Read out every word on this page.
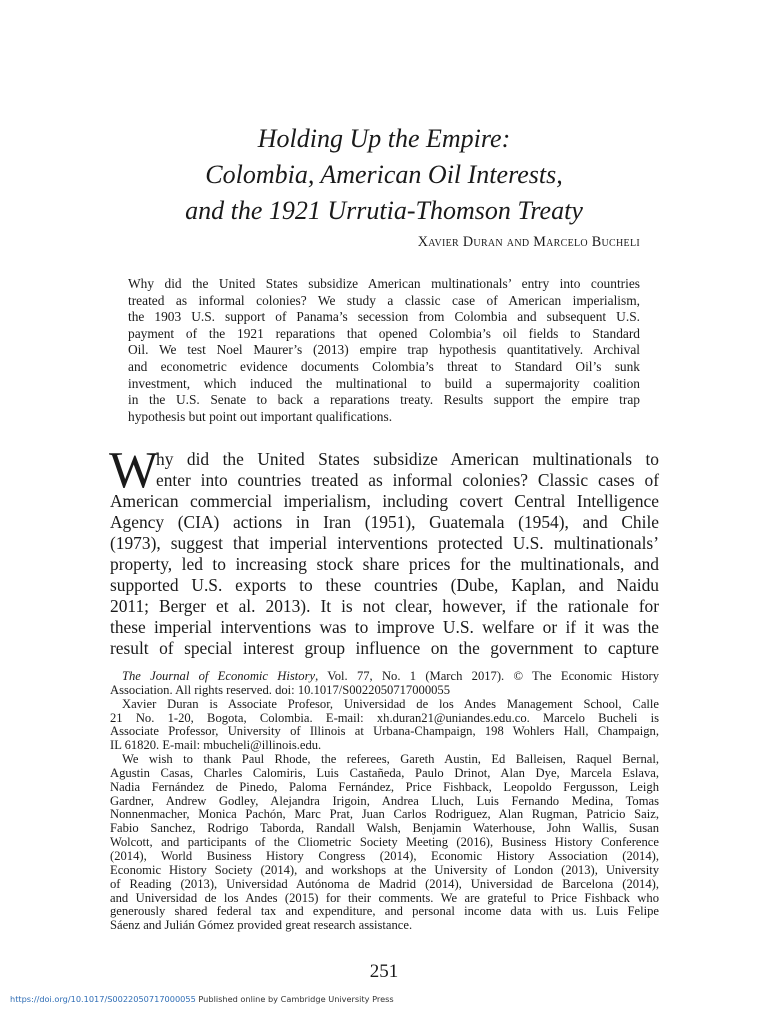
Holding Up the Empire:
Colombia, American Oil Interests,
and the 1921 Urrutia-Thomson Treaty
Xavier Duran and Marcelo Bucheli
Why did the United States subsidize American multinationals’ entry into countries
treated as informal colonies? We study a classic case of American imperialism,
the 1903 U.S. support of Panama’s secession from Colombia and subsequent U.S.
payment of the 1921 reparations that opened Colombia’s oil fields to Standard
Oil. We test Noel Maurer’s (2013) empire trap hypothesis quantitatively. Archival
and econometric evidence documents Colombia’s threat to Standard Oil’s sunk
investment, which induced the multinational to build a supermajority coalition
in the U.S. Senate to back a reparations treaty. Results support the empire trap
hypothesis but point out important qualifications.
W
hy did the United States subsidize American multinationals to
enter into countries treated as informal colonies? Classic cases of
American commercial imperialism, including covert Central Intelligence
Agency (CIA) actions in Iran (1951), Guatemala (1954), and Chile
(1973), suggest that imperial interventions protected U.S. multinationals’
property, led to increasing stock share prices for the multinationals, and
supported U.S. exports to these countries (Dube, Kaplan, and Naidu
2011; Berger et al. 2013). It is not clear, however, if the rationale for
these imperial interventions was to improve U.S. welfare or if it was the
result of special interest group influence on the government to capture
The Journal of Economic History, Vol. 77, No. 1 (March 2017). © The Economic History
Association. All rights reserved. doi: 10.1017/S0022050717000055
Xavier Duran is Associate Profesor, Universidad de los Andes Management School, Calle
21 No. 1-20, Bogota, Colombia. E-mail: xh.duran21@uniandes.edu.co. Marcelo Bucheli is
Associate Professor, University of Illinois at Urbana-Champaign, 198 Wohlers Hall, Champaign,
IL 61820. E-mail: mbucheli@illinois.edu.
We wish to thank Paul Rhode, the referees, Gareth Austin, Ed Balleisen, Raquel Bernal,
Agustin Casas, Charles Calomiris, Luis Castañeda, Paulo Drinot, Alan Dye, Marcela Eslava,
Nadia Fernández de Pinedo, Paloma Fernández, Price Fishback, Leopoldo Fergusson, Leigh
Gardner, Andrew Godley, Alejandra Irigoin, Andrea Lluch, Luis Fernando Medina, Tomas
Nonnenmacher, Monica Pachón, Marc Prat, Juan Carlos Rodriguez, Alan Rugman, Patricio Saiz,
Fabio Sanchez, Rodrigo Taborda, Randall Walsh, Benjamin Waterhouse, John Wallis, Susan
Wolcott, and participants of the Cliometric Society Meeting (2016), Business History Conference
(2014), World Business History Congress (2014), Economic History Association (2014),
Economic History Society (2014), and workshops at the University of London (2013), University
of Reading (2013), Universidad Autónoma de Madrid (2014), Universidad de Barcelona (2014),
and Universidad de los Andes (2015) for their comments. We are grateful to Price Fishback who
generously shared federal tax and expenditure, and personal income data with us. Luis Felipe
Sáenz and Julián Gómez provided great research assistance.
251
https://doi.org/10.1017/S0022050717000055 Published online by Cambridge University Press
